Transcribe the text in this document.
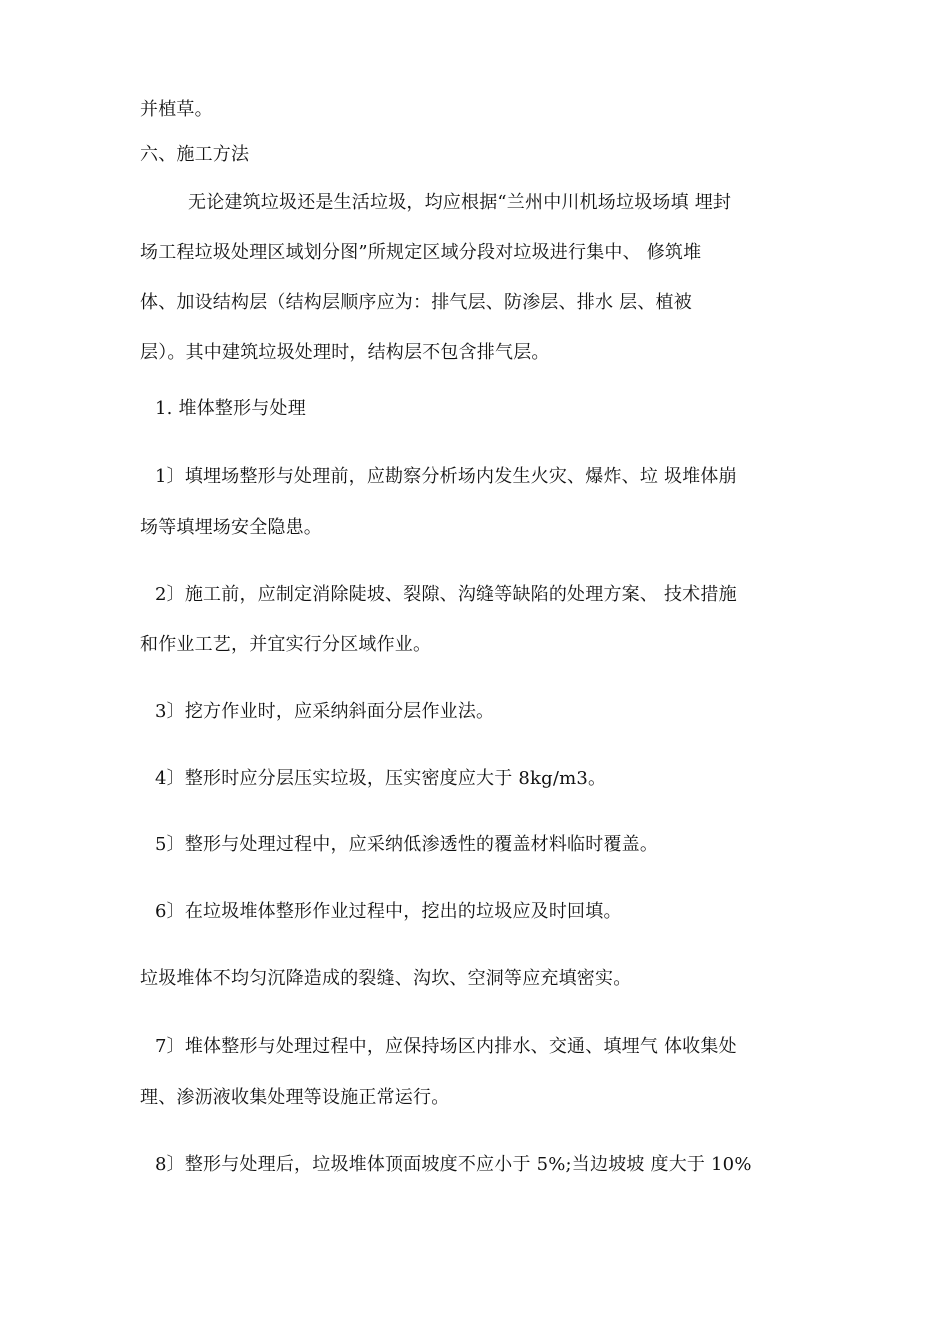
并植草。
六、施工方法
无论建筑垃圾还是生活垃圾，均应根据“兰州中川机场垃圾场填 埋封
场工程垃圾处理区域划分图”所规定区域分段对垃圾进行集中、 修筑堆
体、加设结构层（结构层顺序应为：排气层、防渗层、排水 层、植被
层）。其中建筑垃圾处理时，结构层不包含排气层。
1. 堆体整形与处理
1〕填埋场整形与处理前，应勘察分析场内发生火灾、爆炸、垃 圾堆体崩
场等填埋场安全隐患。
2〕施工前，应制定消除陡坡、裂隙、沟缝等缺陷的处理方案、 技术措施
和作业工艺，并宜实行分区域作业。
3〕挖方作业时，应采纳斜面分层作业法。
4〕整形时应分层压实垃圾，压实密度应大于 8kg/m3。
5〕整形与处理过程中，应采纳低渗透性的覆盖材料临时覆盖。
6〕在垃圾堆体整形作业过程中，挖出的垃圾应及时回填。
垃圾堆体不均匀沉降造成的裂缝、沟坎、空洞等应充填密实。
7〕堆体整形与处理过程中，应保持场区内排水、交通、填埋气 体收集处
理、渗沥液收集处理等设施正常运行。
8〕整形与处理后，垃圾堆体顶面坡度不应小于 5%;当边坡坡 度大于 10%
